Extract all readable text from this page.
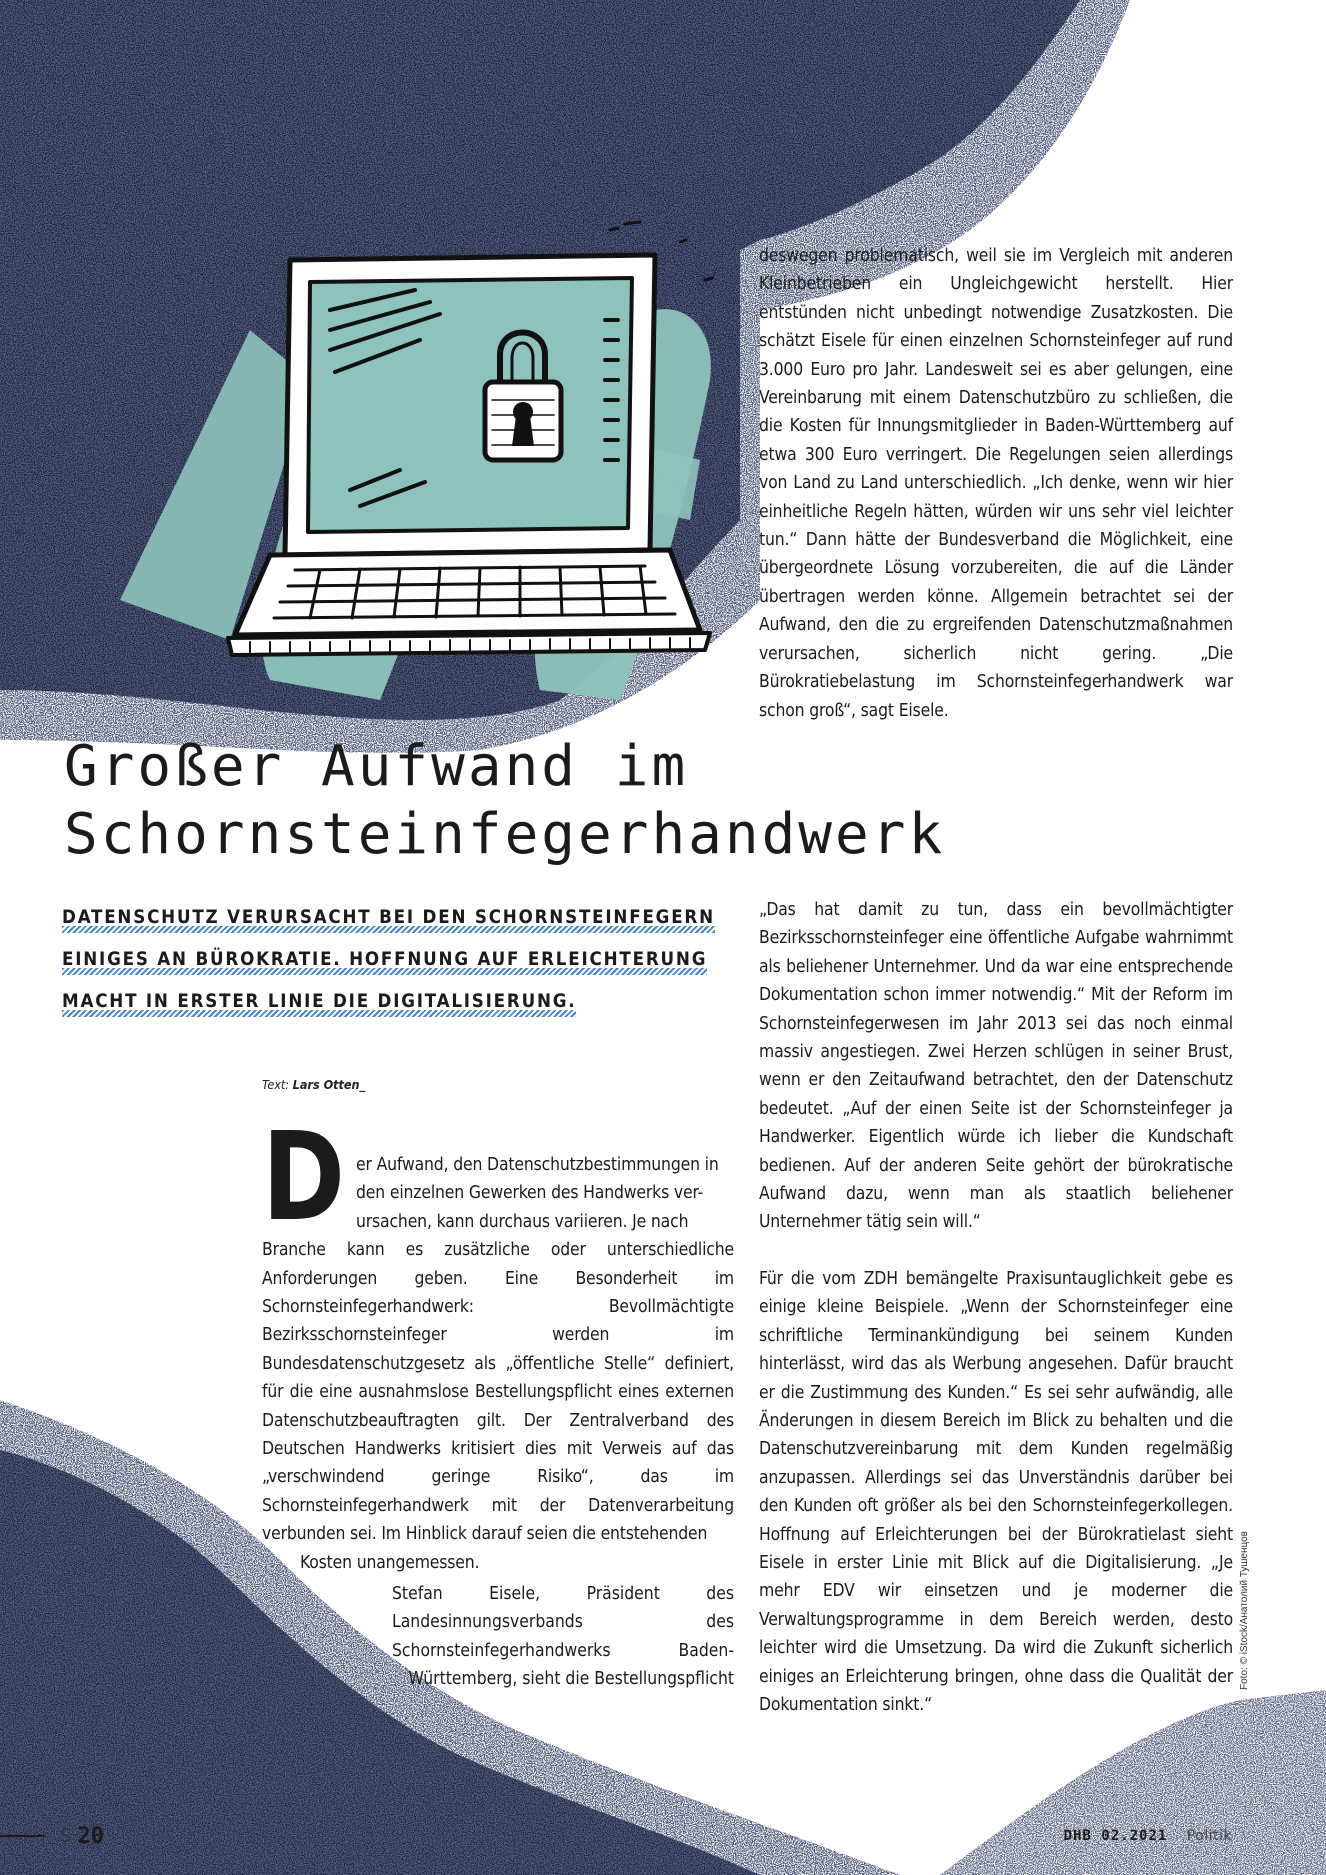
deswegen problematisch, weil sie im Vergleich mit anderen Kleinbetrieben ein Ungleichgewicht herstellt. Hier entstünden nicht unbedingt notwendige Zusatzkosten. Die schätzt Eisele für einen einzelnen Schornsteinfeger auf rund 3.000 Euro pro Jahr. Landesweit sei es aber gelungen, eine Vereinbarung mit einem Datenschutzbüro zu schließen, die die Kosten für Innungsmitglieder in Baden-Württemberg auf etwa 300 Euro verringert. Die Regelungen seien allerdings von Land zu Land unterschiedlich. „Ich denke, wenn wir hier einheitliche Regeln hätten, würden wir uns sehr viel leichter tun.“ Dann hätte der Bundesverband die Möglichkeit, eine übergeordnete Lösung vorzubereiten, die auf die Länder übertragen werden könne. Allgemein betrachtet sei der Aufwand, den die zu ergreifenden Datenschutzmaßnahmen verursachen, sicherlich nicht gering. „Die Bürokratiebelastung im Schornsteinfegerhandwerk war schon groß“, sagt Eisele.

Großer Aufwand im
Schornsteinfegerhandwerk
DATENSCHUTZ VERURSACHT BEI DEN SCHORNSTEINFEGERN
EINIGES AN BÜROKRATIE. HOFFNUNG AUF ERLEICHTERUNG
MACHT IN ERSTER LINIE DIE DIGITALISIERUNG.
Text: Lars Otten_
D er Aufwand, den Datenschutzbestimmungen in
den einzelnen Gewerken des Handwerks ver-
ursachen, kann durchaus variieren. Je nach
Branche kann es zusätzliche oder unterschiedliche Anforderungen geben. Eine Besonderheit im Schornsteinfegerhandwerk: Bevollmächtigte Bezirksschornsteinfeger werden im Bundesdatenschutzgesetz als „öffentliche Stelle“ definiert, für die eine ausnahmslose Bestellungspflicht eines externen Datenschutzbeauftragten gilt. Der Zentralverband des Deutschen Handwerks kritisiert dies mit Verweis auf das „verschwindend geringe Risiko“, das im Schornsteinfegerhandwerk mit der Datenverarbeitung verbunden sei. Im Hinblick darauf seien die entstehenden
Kosten unangemessen.

Stefan Eisele, Präsident des Landesinnungsverbands des Schornsteinfegerhandwerks Baden-Württemberg, sieht die Bestellungspflicht

„Das hat damit zu tun, dass ein bevollmächtigter Bezirksschornsteinfeger eine öffentliche Aufgabe wahrnimmt als beliehener Unternehmer. Und da war eine entsprechende Dokumentation schon immer notwendig.“ Mit der Reform im Schornsteinfegerwesen im Jahr 2013 sei das noch einmal massiv angestiegen. Zwei Herzen schlügen in seiner Brust, wenn er den Zeitaufwand betrachtet, den der Datenschutz bedeutet. „Auf der einen Seite ist der Schornsteinfeger ja Handwerker. Eigentlich würde ich lieber die Kundschaft bedienen. Auf der anderen Seite gehört der bürokratische Aufwand dazu, wenn man als staatlich beliehener Unternehmer tätig sein will.“

Für die vom ZDH bemängelte Praxisuntauglichkeit gebe es einige kleine Beispiele. „Wenn der Schornsteinfeger eine schriftliche Terminankündigung bei seinem Kunden hinterlässt, wird das als Werbung angesehen. Dafür braucht er die Zustimmung des Kunden.“ Es sei sehr aufwändig, alle Änderungen in diesem Bereich im Blick zu behalten und die Datenschutzvereinbarung mit dem Kunden regelmäßig anzupassen. Allerdings sei das Unverständnis darüber bei den Kunden oft größer als bei den Schornsteinfegerkollegen. Hoffnung auf Erleichterungen bei der Bürokratielast sieht Eisele in erster Linie mit Blick auf die Digitalisierung. „Je mehr EDV wir einsetzen und je moderner die Verwaltungsprogramme in dem Bereich werden, desto leichter wird die Umsetzung. Da wird die Zukunft sicherlich einiges an Erleichterung bringen, ohne dass die Qualität der Dokumentation sinkt.“

Foto: © iStock/Анатолий Тушенцов
S 20	DHB 02.2021 Politik
